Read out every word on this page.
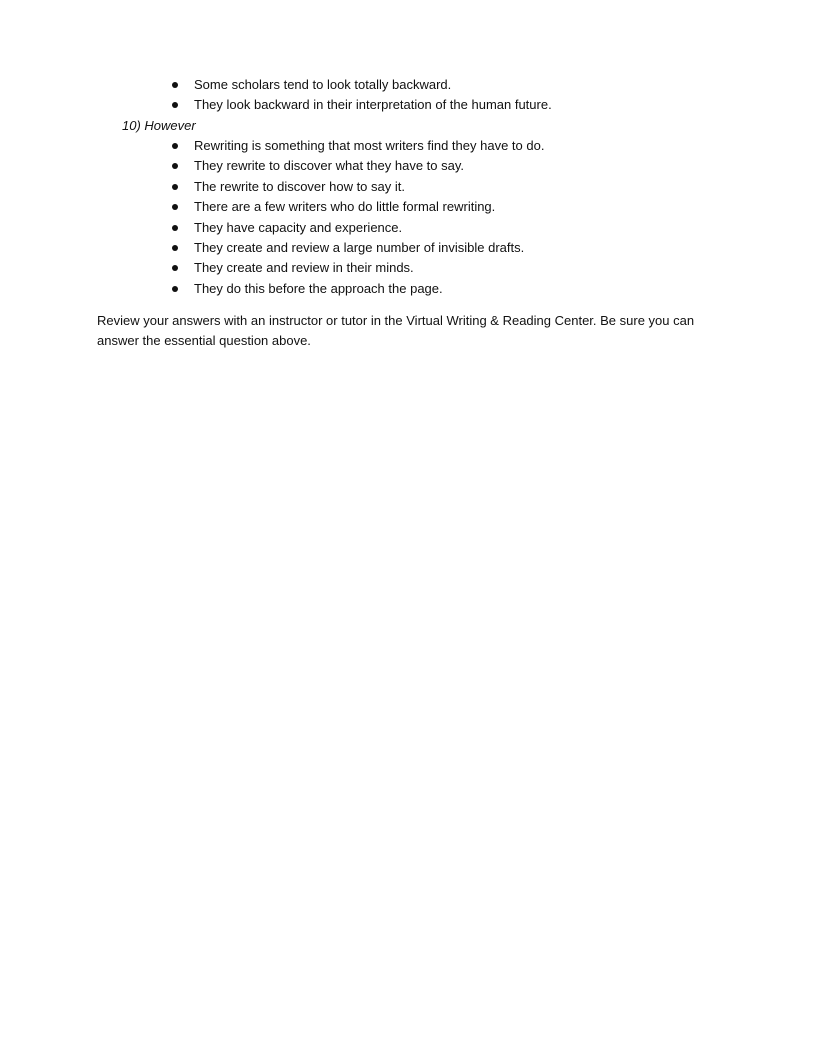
Some scholars tend to look totally backward.
They look backward in their interpretation of the human future.
10) However
Rewriting is something that most writers find they have to do.
They rewrite to discover what they have to say.
The rewrite to discover how to say it.
There are a few writers who do little formal rewriting.
They have capacity and experience.
They create and review a large number of invisible drafts.
They create and review in their minds.
They do this before the approach the page.

Review your answers with an instructor or tutor in the Virtual Writing & Reading Center. Be sure you can answer the essential question above.
